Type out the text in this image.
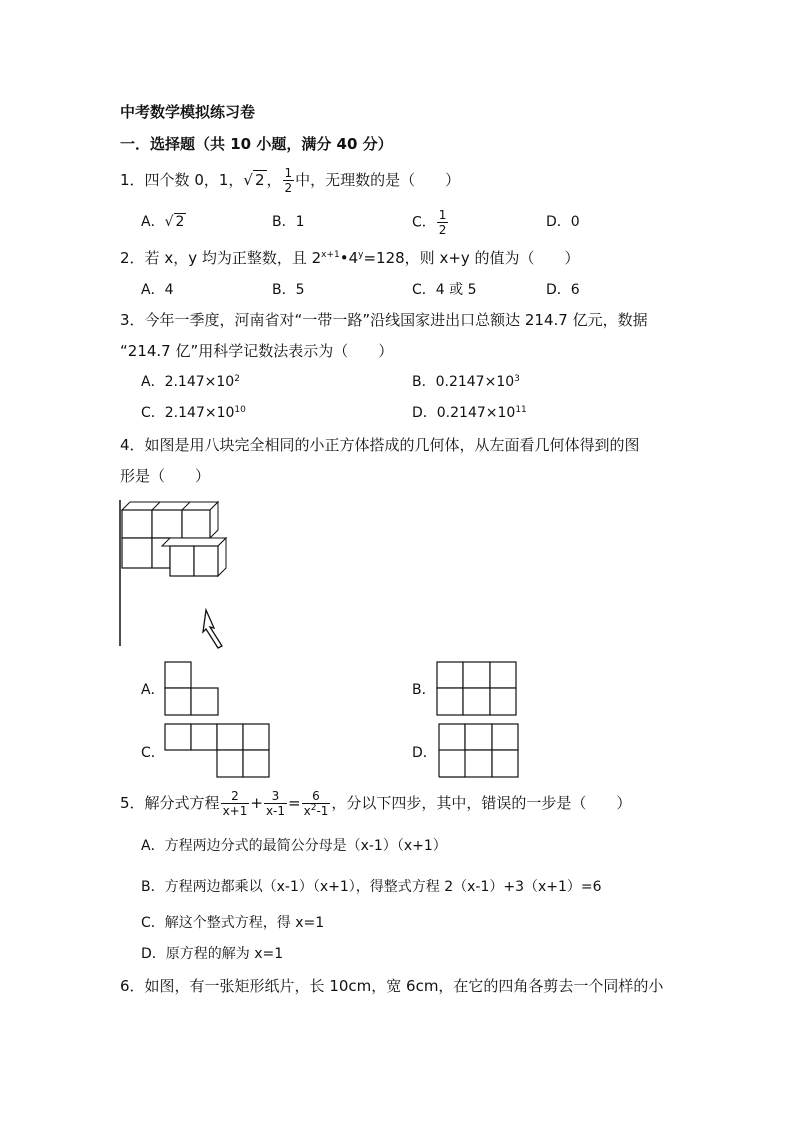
中考数学模拟练习卷
一．选择题（共 10 小题，满分 40 分）
1．四个数 0，1，√ 2 ， $\frac{1}{2}$ 中，无理数的是（　　）
A．√ 2	B．1	C． $\frac{1}{2}$	D．0
2．若 x，y 均为正整数，且 $2^{x+1}•4^y=128$，则 x+y 的值为（　　）
A．4	B．5	C．4 或 5	D．6
3．今年一季度，河南省对“一带一路”沿线国家进出口总额达 214.7 亿元，数据
“214.7 亿”用科学记数法表示为（　　）
A．$2.147\times 10^2$	B．$0.2147\times 10^3$
C．$2.147\times 10^{10}$	D．$0.2147\times 10^{11}$
4．如图是用八块完全相同的小正方体搭成的几何体，从左面看几何体得到的图
形是（　　）
A．	B．
C．	D．
5．解分式方程 $\frac{2}{x+1} + \frac{3}{x-1} = \frac{6}{x^2-1}$ ，分以下四步，其中，错误的一步是（　　）
A．方程两边分式的最简公分母是（x-1）（x+1）
B．方程两边都乘以（x-1）（x+1），得整式方程 2（x-1）+3（x+1）=6
C．解这个整式方程，得 x=1
D．原方程的解为 x=1
6．如图，有一张矩形纸片，长 10cm，宽 6cm，在它的四角各剪去一个同样的小
